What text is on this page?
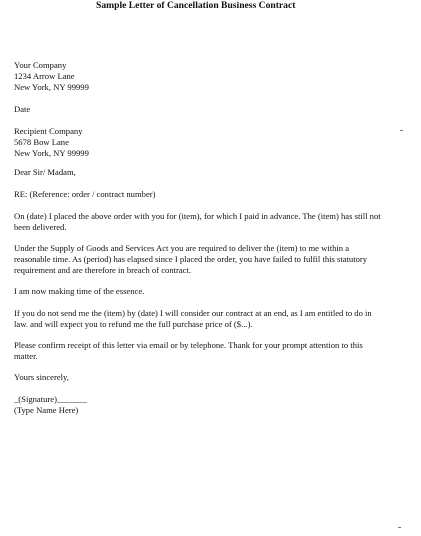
Sample Letter of Cancellation Business Contract
Your Company
1234 Arrow Lane
New York, NY 99999
Date
Recipient Company
5678 Bow Lane
New York, NY 99999
Dear Sir/ Madam,
RE: (Reference: order / contract number)
On (date) I placed the above order with you for (item), for which I paid in advance. The (item) has still not been delivered.
Under the Supply of Goods and Services Act you are required to deliver the (item) to me within a reasonable time. As (period) has elapsed since I placed the order, you have failed to fulfil this statutory requirement and are therefore in breach of contract.
I am now making time of the essence.
If you do not send me the (item) by (date) I will consider our contract at an end, as I am entitled to do in law. and will expect you to refund me the full purchase price of ($...).
Please confirm receipt of this letter via email or by telephone. Thank for your prompt attention to this matter.
Yours sincerely,
_(Signature)_______
(Type Name Here)
